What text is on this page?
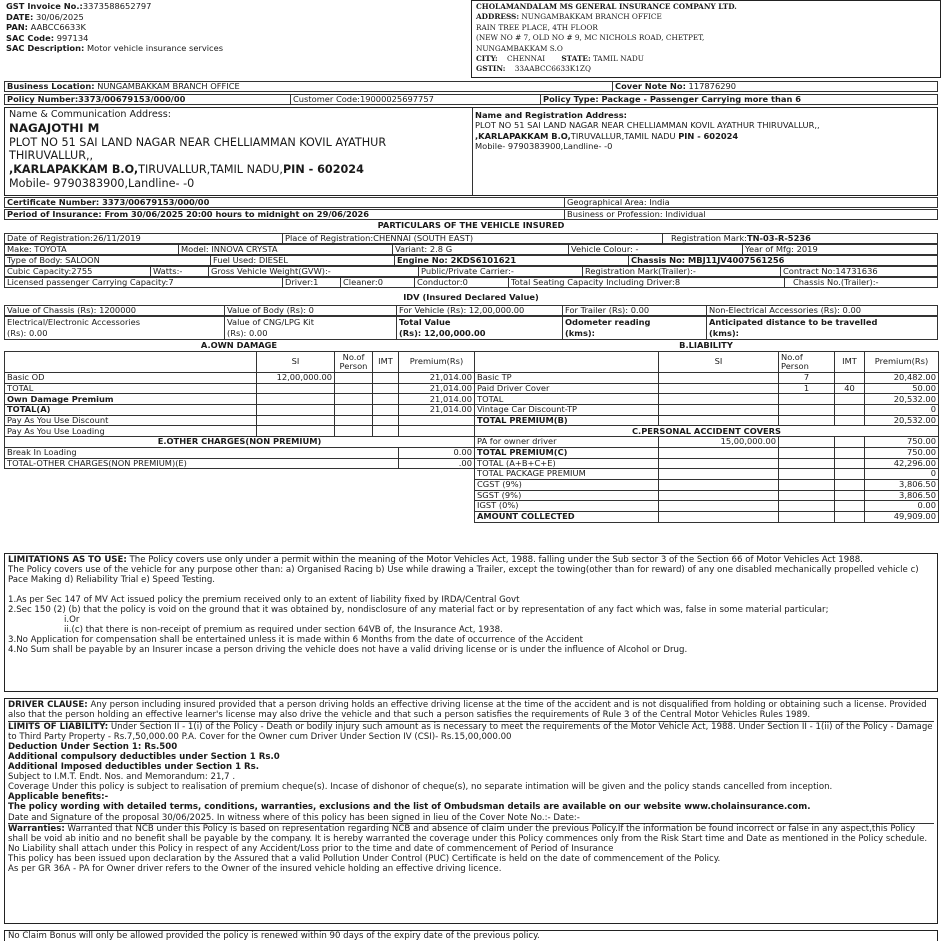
GST Invoice No.:3373588652797
DATE: 30/06/2025
PAN: AABCC6633K
SAC Code: 997134
SAC Description: Motor vehicle insurance services
CHOLAMANDALAM MS GENERAL INSURANCE COMPANY LTD.
ADDRESS: NUNGAMBAKKAM BRANCH OFFICE
RAIN TREE PLACE, 4TH FLOOR
(NEW NO # 7, OLD NO # 9, MC NICHOLS ROAD, CHETPET,
NUNGAMBAKKAM S.O
CITY: CHENNAI STATE: TAMIL NADU
GSTIN: 33AABCC6633K1ZQ
Business Location: NUNGAMBAKKAM BRANCH OFFICE	Cover Note No: 117876290
Policy Number:3373/00679153/000/00	Customer Code:19000025697757	Policy Type: Package - Passenger Carrying more than 6
Name & Communication Address:
NAGAJOTHI M
PLOT NO 51 SAI LAND NAGAR NEAR CHELLIAMMAN KOVIL AYATHUR
THIRUVALLUR,,
,KARLAPAKKAM B.O,TIRUVALLUR,TAMIL NADU,PIN - 602024
Mobile- 9790383900,Landline- -0
Name and Registration Address:
PLOT NO 51 SAI LAND NAGAR NEAR CHELLIAMMAN KOVIL AYATHUR THIRUVALLUR,,
,KARLAPAKKAM B.O,TIRUVALLUR,TAMIL NADU PIN - 602024
Mobile- 9790383900,Landline- -0
Certificate Number: 3373/00679153/000/00	Geographical Area: India
Period of Insurance: From 30/06/2025 20:00 hours to midnight on 29/06/2026	Business or Profession: Individual
PARTICULARS OF THE VEHICLE INSURED
Date of Registration:26/11/2019	Place of Registration:CHENNAI (SOUTH EAST)	Registration Mark:TN-03-R-5236
Make: TOYOTA	Model: INNOVA CRYSTA	Variant: 2.8 G	Vehicle Colour: -	Year of Mfg: 2019
Type of Body: SALOON	Fuel Used: DIESEL	Engine No: 2KDS6101621	Chassis No: MBJ11JV4007561256
Cubic Capacity:2755	Watts:-	Gross Vehicle Weight(GVW):-	Public/Private Carrier:-	Registration Mark(Trailer):-	Contract No:14731636
Licensed passenger Carrying Capacity:7	Driver:1	Cleaner:0	Conductor:0	Total Seating Capacity Including Driver:8	Chassis No.(Trailer):-
IDV (Insured Declared Value)
Value of Chassis (Rs): 1200000	Value of Body (Rs): 0	For Vehicle (Rs): 12,00,000.00	For Trailer (Rs): 0.00	Non-Electrical Accessories (Rs): 0.00
Electrical/Electronic Accessories
(Rs): 0.00
Value of CNG/LPG Kit
(Rs): 0.00
Total Value
(Rs): 12,00,000.00
Odometer reading
(kms):
Anticipated distance to be travelled
(kms):
A.OWN DAMAGE
	SI	No.of Person	IMT	Premium(Rs)
Basic OD	12,00,000.00			21,014.00
TOTAL				21,014.00
Own Damage Premium				21,014.00
TOTAL(A)				21,014.00
Pay As You Use Discount				
Pay As You Use Loading				
E.OTHER CHARGES(NON PREMIUM)				
Break In Loading				0.00
TOTAL-OTHER CHARGES(NON PREMIUM)(E)				.00
B.LIABILITY
	SI	No.of Person	IMT	Premium(Rs)
Basic TP		7		20,482.00
Paid Driver Cover		1	40	50.00
TOTAL				20,532.00
Vintage Car Discount-TP				0
TOTAL PREMIUM(B)				20,532.00
C.PERSONAL ACCIDENT COVERS				
PA for owner driver	15,00,000.00			750.00
TOTAL PREMIUM(C)				750.00
TOTAL (A+B+C+E)				42,296.00
TOTAL PACKAGE PREMIUM				0
CGST (9%)				3,806.50
SGST (9%)				3,806.50
IGST (0%)				0.00
AMOUNT COLLECTED				49,909.00
LIMITATIONS AS TO USE: The Policy covers use only under a permit within the meaning of the Motor Vehicles Act, 1988. falling under the Sub sector 3 of the Section 66 of Motor Vehicles Act 1988.
The Policy covers use of the vehicle for any purpose other than: a) Organised Racing b) Use while drawing a Trailer, except the towing(other than for reward) of any one disabled mechanically propelled vehicle c) Pace Making d) Reliability Trial e) Speed Testing.
1.As per Sec 147 of MV Act issued policy the premium received only to an extent of liability fixed by IRDA/Central Govt
2.Sec 150 (2) (b) that the policy is void on the ground that it was obtained by, nondisclosure of any material fact or by representation of any fact which was, false in some material particular;
i.Or
ii.(c) that there is non-receipt of premium as required under section 64VB of, the Insurance Act, 1938.
3.No Application for compensation shall be entertained unless it is made within 6 Months from the date of occurrence of the Accident
4.No Sum shall be payable by an Insurer incase a person driving the vehicle does not have a valid driving license or is under the influence of Alcohol or Drug.
DRIVER CLAUSE: Any person including insured provided that a person driving holds an effective driving license at the time of the accident and is not disqualified from holding or obtaining such a license. Provided also that the person holding an effective learner's license may also drive the vehicle and that such a person satisfies the requirements of Rule 3 of the Central Motor Vehicles Rules 1989.
LIMITS OF LIABILITY: Under Section II - 1(i) of the Policy - Death or bodily injury such amount as is necessary to meet the requirements of the Motor Vehicle Act, 1988. Under Section II - 1(ii) of the Policy - Damage to Third Party Property - Rs.7,50,000.00 P.A. Cover for the Owner cum Driver Under Section IV (CSI)- Rs.15,00,000.00
Deduction Under Section 1: Rs.500
Additional compulsory deductibles under Section 1 Rs.0
Additional Imposed deductibles under Section 1 Rs.
Subject to I.M.T. Endt. Nos. and Memorandum: 21,7 .
Coverage Under this policy is subject to realisation of premium cheque(s). Incase of dishonor of cheque(s), no separate intimation will be given and the policy stands cancelled from inception.
Applicable benefits:-
The policy wording with detailed terms, conditions, warranties, exclusions and the list of Ombudsman details are available on our website www.cholainsurance.com.
Date and Signature of the proposal 30/06/2025. In witness where of this policy has been signed in lieu of the Cover Note No.:- Date:-
Warranties: Warranted that NCB under this Policy is based on representation regarding NCB and absence of claim under the previous Policy.If the information be found incorrect or false in any aspect,this Policy shall be void ab initio and no benefit shall be payable by the company. It is hereby warranted the coverage under this Policy commences only from the Risk Start time and Date as mentioned in the Policy schedule. No Liability shall attach under this Policy in respect of any Accident/Loss prior to the time and date of commencement of Period of Insurance
This policy has been issued upon declaration by the Assured that a valid Pollution Under Control (PUC) Certificate is held on the date of commencement of the Policy.
As per GR 36A - PA for Owner driver refers to the Owner of the insured vehicle holding an effective driving licence.
No Claim Bonus will only be allowed provided the policy is renewed within 90 days of the expiry date of the previous policy.
